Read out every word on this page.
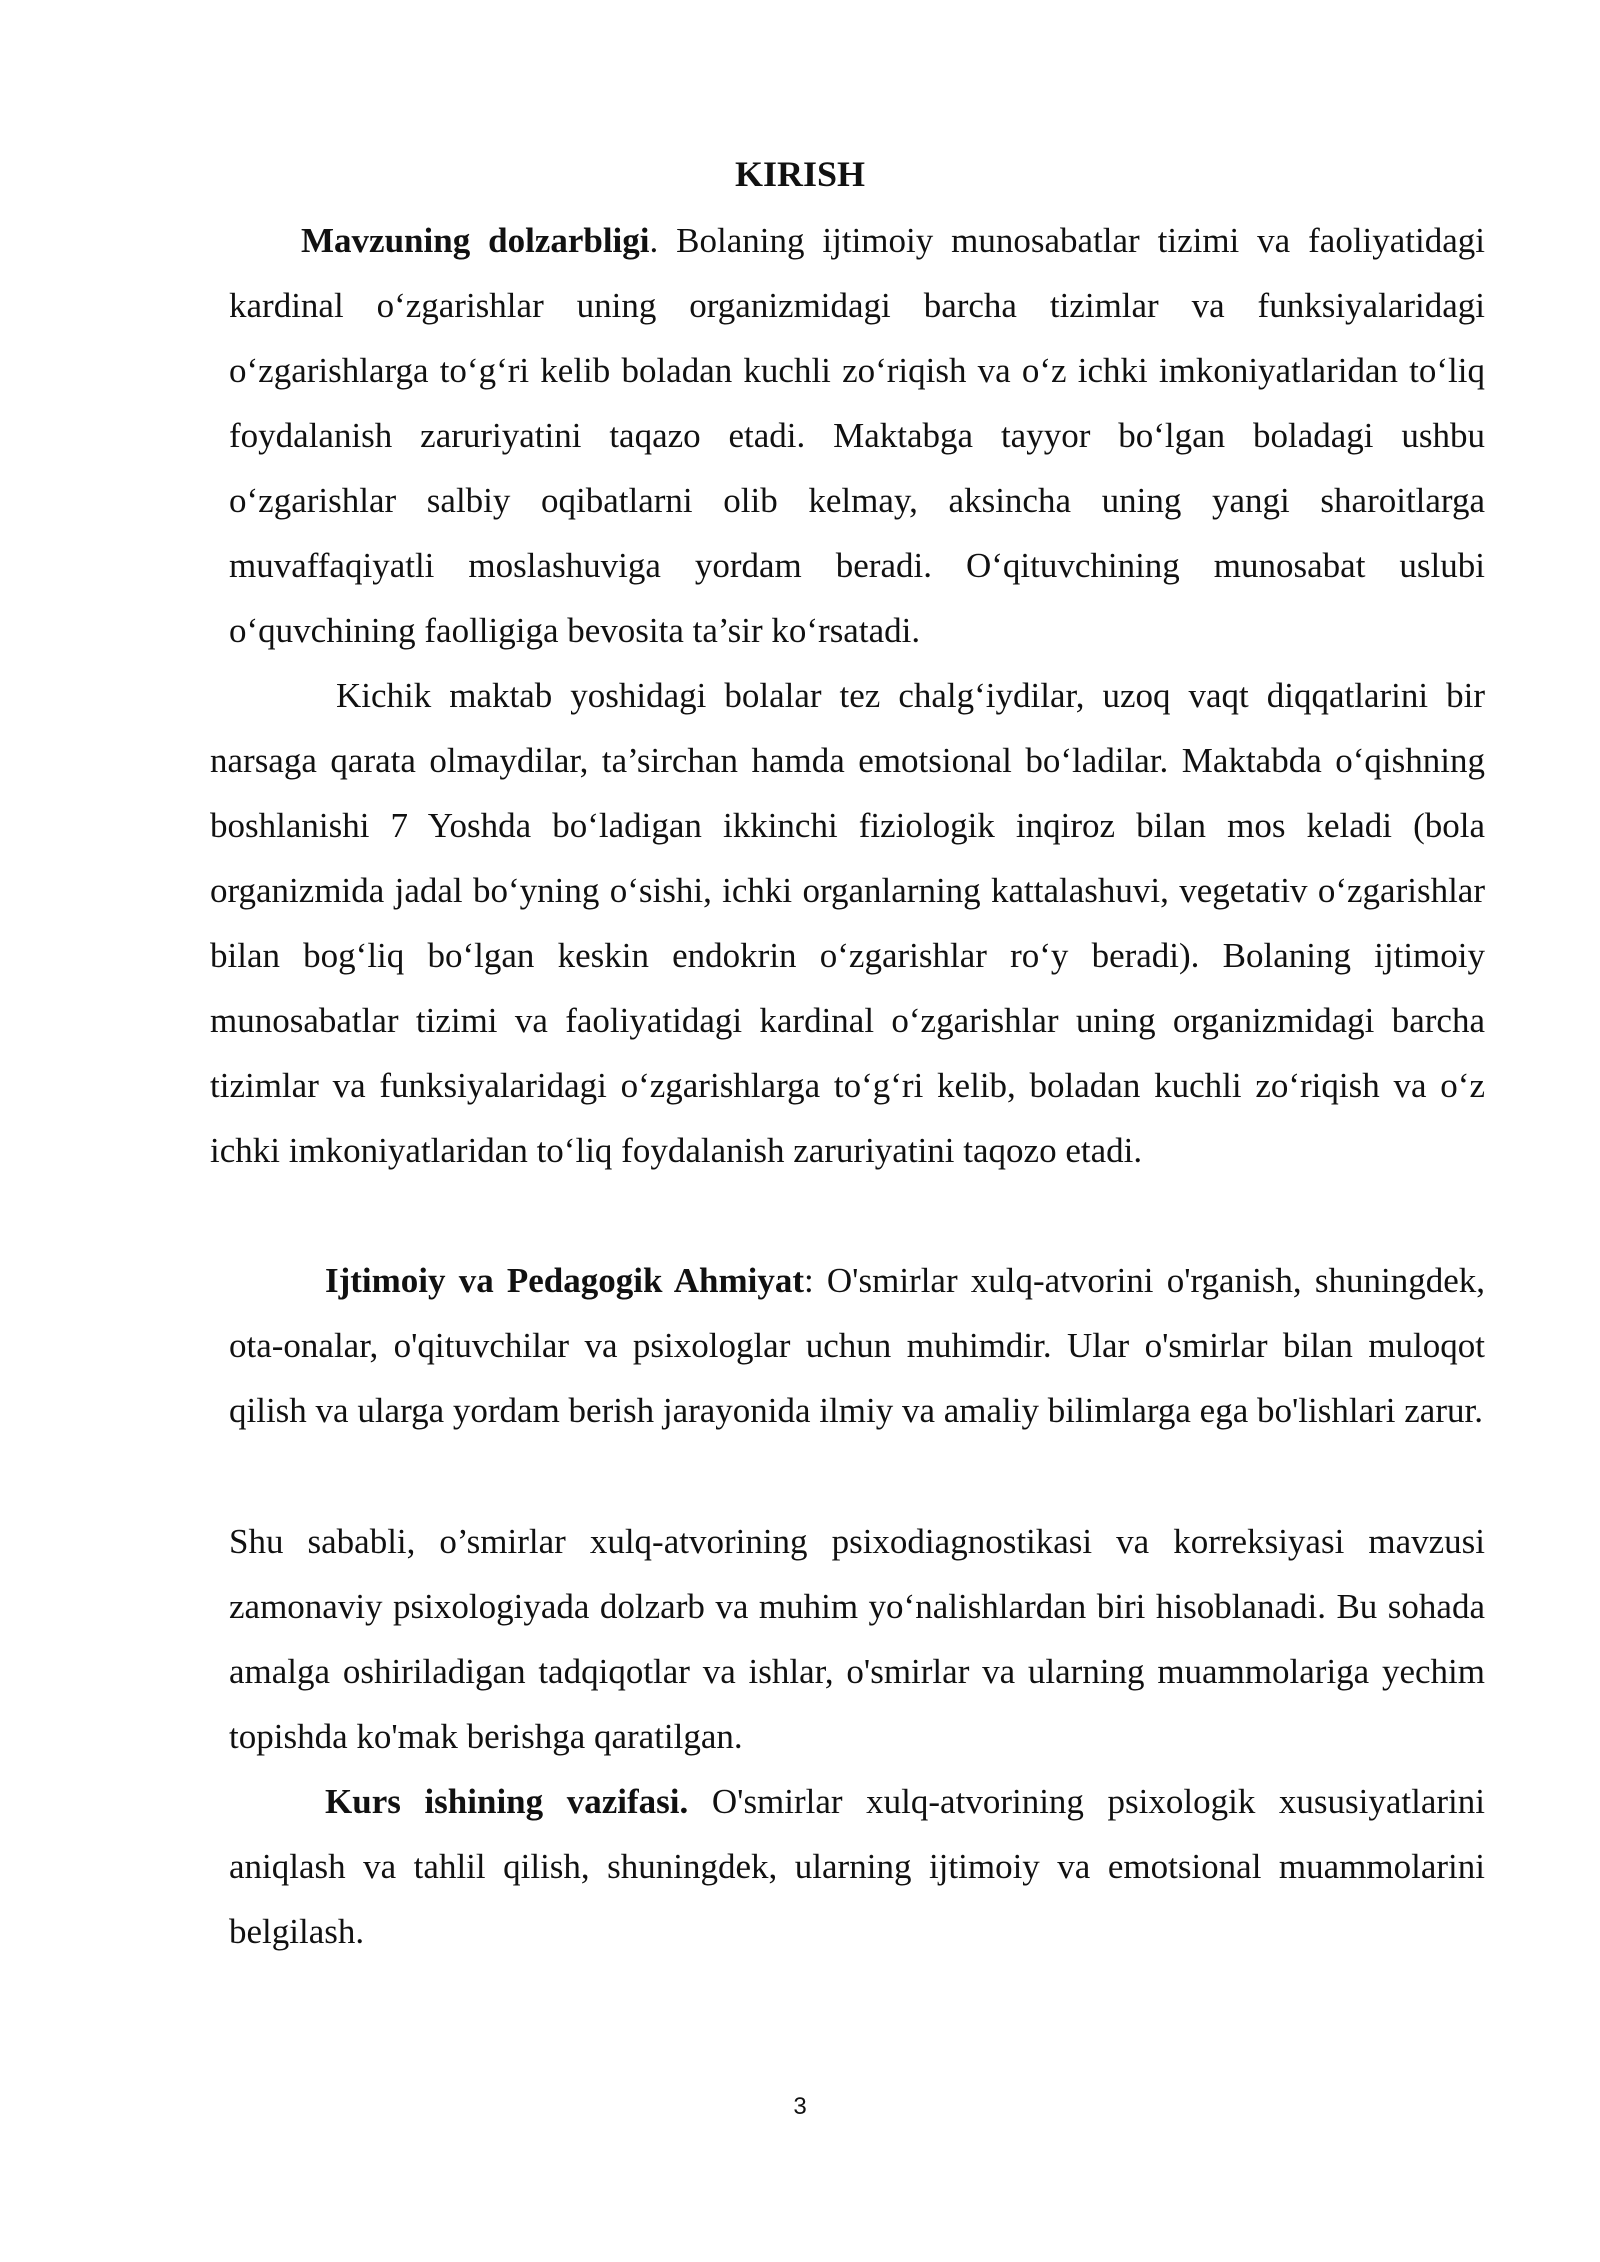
KIRISH

Mavzuning dolzarbligi. Bolaning ijtimoiy munosabatlar tizimi va faoliyatidagi kardinal o‘zgarishlar uning organizmidagi barcha tizimlar va funksiyalaridagi o‘zgarishlarga to‘g‘ri kelib boladan kuchli zo‘riqish va o‘z ichki imkoniyatlaridan to‘liq foydalanish zaruriyatini taqazo etadi. Maktabga tayyor bo‘lgan boladagi ushbu o‘zgarishlar salbiy oqibatlarni olib kelmay, aksincha uning yangi sharoitlarga muvaffaqiyatli moslashuviga yordam beradi. O‘qituvchining munosabat uslubi o‘quvchining faolligiga bevosita ta’sir ko‘rsatadi.

Kichik maktab yoshidagi bolalar tez chalg‘iydilar, uzoq vaqt diqqatlarini bir narsaga qarata olmaydilar, ta’sirchan hamda emotsional bo‘ladilar. Maktabda o‘qishning boshlanishi 7 Yoshda bo‘ladigan ikkinchi fiziologik inqiroz bilan mos keladi (bola organizmida jadal bo‘yning o‘sishi, ichki organlarning kattalashuvi, vegetativ o‘zgarishlar bilan bog‘liq bo‘lgan keskin endokrin o‘zgarishlar ro‘y beradi). Bolaning ijtimoiy munosabatlar tizimi va faoliyatidagi kardinal o‘zgarishlar uning organizmidagi barcha tizimlar va funksiyalaridagi o‘zgarishlarga to‘g‘ri kelib, boladan kuchli zo‘riqish va o‘z ichki imkoniyatlaridan to‘liq foydalanish zaruriyatini taqozo etadi.

Ijtimoiy va Pedagogik Ahmiyat: O'smirlar xulq-atvorini o'rganish, shuningdek, ota-onalar, o'qituvchilar va psixologlar uchun muhimdir. Ular o'smirlar bilan muloqot qilish va ularga yordam berish jarayonida ilmiy va amaliy bilimlarga ega bo'lishlari zarur.

Shu sababli, o’smirlar xulq-atvorining psixodiagnostikasi va korreksiyasi mavzusi zamonaviy psixologiyada dolzarb va muhim yo‘nalishlardan biri hisoblanadi. Bu sohada amalga oshiriladigan tadqiqotlar va ishlar, o'smirlar va ularning muammolariga yechim topishda ko'mak berishga qaratilgan.

Kurs ishining vazifasi. O'smirlar xulq-atvorining psixologik xususiyatlarini aniqlash va tahlil qilish, shuningdek, ularning ijtimoiy va emotsional muammolarini belgilash.

3
